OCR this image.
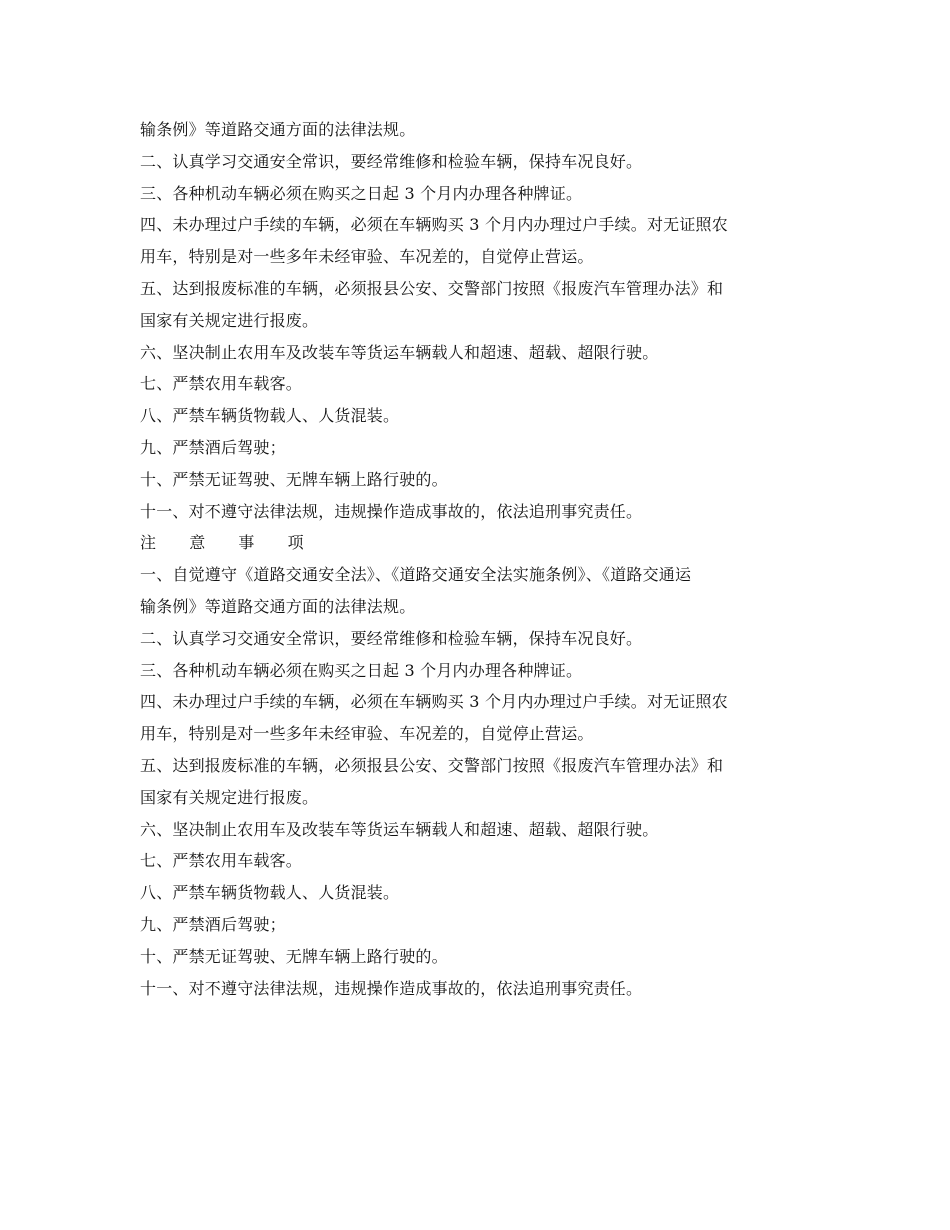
输条例》等道路交通方面的法律法规。
二、认真学习交通安全常识，要经常维修和检验车辆，保持车况良好。
三、各种机动车辆必须在购买之日起 3 个月内办理各种牌证。
四、未办理过户手续的车辆，必须在车辆购买 3 个月内办理过户手续。对无证照农
用车，特别是对一些多年未经审验、车况差的，自觉停止营运。
五、达到报废标准的车辆，必须报县公安、交警部门按照《报废汽车管理办法》和
国家有关规定进行报废。
六、坚决制止农用车及改装车等货运车辆载人和超速、超载、超限行驶。
七、严禁农用车载客。
八、严禁车辆货物载人、人货混装。
九、严禁酒后驾驶；
十、严禁无证驾驶、无牌车辆上路行驶的。
十一、对不遵守法律法规，违规操作造成事故的，依法追刑事究责任。
注 意 事 项
一、自觉遵守《道路交通安全法》、《道路交通安全法实施条例》、《道路交通运
输条例》等道路交通方面的法律法规。
二、认真学习交通安全常识，要经常维修和检验车辆，保持车况良好。
三、各种机动车辆必须在购买之日起 3 个月内办理各种牌证。
四、未办理过户手续的车辆，必须在车辆购买 3 个月内办理过户手续。对无证照农
用车，特别是对一些多年未经审验、车况差的，自觉停止营运。
五、达到报废标准的车辆，必须报县公安、交警部门按照《报废汽车管理办法》和
国家有关规定进行报废。
六、坚决制止农用车及改装车等货运车辆载人和超速、超载、超限行驶。
七、严禁农用车载客。
八、严禁车辆货物载人、人货混装。
九、严禁酒后驾驶；
十、严禁无证驾驶、无牌车辆上路行驶的。
十一、对不遵守法律法规，违规操作造成事故的，依法追刑事究责任。
